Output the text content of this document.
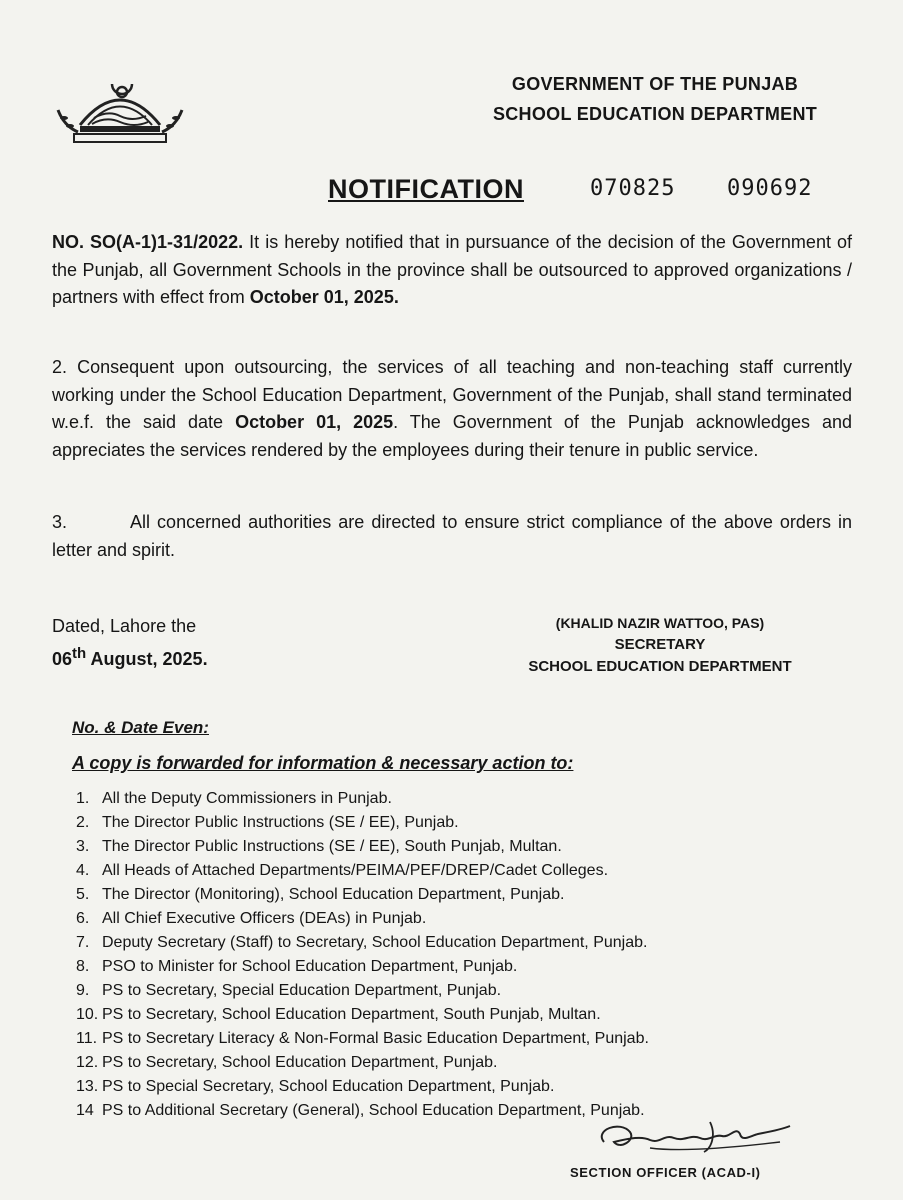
GOVERNMENT OF THE PUNJAB
SCHOOL EDUCATION DEPARTMENT
NOTIFICATION	070825 090692
NO. SO(A-1)1-31/2022. It is hereby notified that in pursuance of the decision of the Government of the Punjab, all Government Schools in the province shall be outsourced to approved organizations / partners with effect from October 01, 2025.
2. Consequent upon outsourcing, the services of all teaching and non-teaching staff currently working under the School Education Department, Government of the Punjab, shall stand terminated w.e.f. the said date October 01, 2025. The Government of the Punjab acknowledges and appreciates the services rendered by the employees during their tenure in public service.
3.	All concerned authorities are directed to ensure strict compliance of the above orders in letter and spirit.
Dated, Lahore the
06th August, 2025.
(KHALID NAZIR WATTOO, PAS)
SECRETARY
SCHOOL EDUCATION DEPARTMENT
No. & Date Even:
A copy is forwarded for information & necessary action to:
1. All the Deputy Commissioners in Punjab.
2. The Director Public Instructions (SE / EE), Punjab.
3. The Director Public Instructions (SE / EE), South Punjab, Multan.
4. All Heads of Attached Departments/PEIMA/PEF/DREP/Cadet Colleges.
5. The Director (Monitoring), School Education Department, Punjab.
6. All Chief Executive Officers (DEAs) in Punjab.
7. Deputy Secretary (Staff) to Secretary, School Education Department, Punjab.
8. PSO to Minister for School Education Department, Punjab.
9. PS to Secretary, Special Education Department, Punjab.
10. PS to Secretary, School Education Department, South Punjab, Multan.
11. PS to Secretary Literacy & Non-Formal Basic Education Department, Punjab.
12. PS to Secretary, School Education Department, Punjab.
13. PS to Special Secretary, School Education Department, Punjab.
14 PS to Additional Secretary (General), School Education Department, Punjab.
SECTION OFFICER (ACAD-I)
